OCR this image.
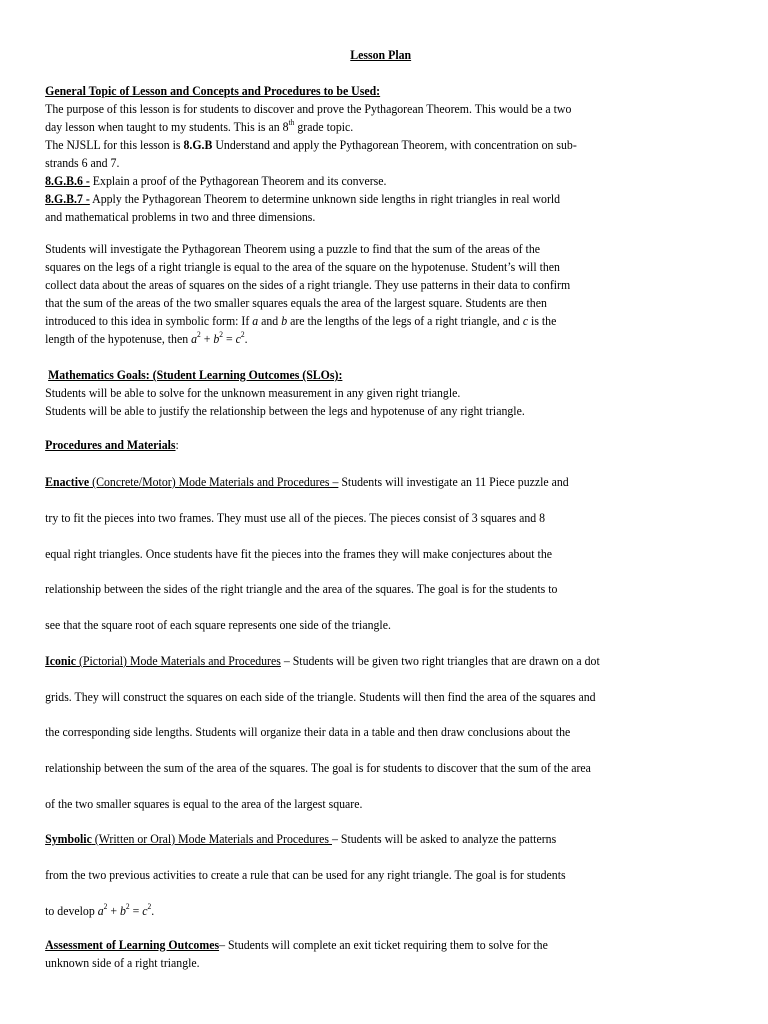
Lesson Plan
General Topic of Lesson and Concepts and Procedures to be Used:
The purpose of this lesson is for students to discover and prove the Pythagorean Theorem. This would be a two
day lesson when taught to my students. This is an 8th grade topic.
The NJSLL for this lesson is 8.G.B Understand and apply the Pythagorean Theorem, with concentration on sub-
strands 6 and 7.
8.G.B.6 - Explain a proof of the Pythagorean Theorem and its converse.
8.G.B.7 - Apply the Pythagorean Theorem to determine unknown side lengths in right triangles in real world
and mathematical problems in two and three dimensions.
Students will investigate the Pythagorean Theorem using a puzzle to find that the sum of the areas of the
squares on the legs of a right triangle is equal to the area of the square on the hypotenuse. Student’s will then
collect data about the areas of squares on the sides of a right triangle. They use patterns in their data to confirm
that the sum of the areas of the two smaller squares equals the area of the largest square. Students are then
introduced to this idea in symbolic form: If a and b are the lengths of the legs of a right triangle, and c is the
length of the hypotenuse, then $a^2 + b^2 = c^2$.
Mathematics Goals: (Student Learning Outcomes (SLOs):
Students will be able to solve for the unknown measurement in any given right triangle.
Students will be able to justify the relationship between the legs and hypotenuse of any right triangle.
Procedures and Materials:
Enactive (Concrete/Motor) Mode Materials and Procedures – Students will investigate an 11 Piece puzzle and
try to fit the pieces into two frames. They must use all of the pieces. The pieces consist of 3 squares and 8
equal right triangles. Once students have fit the pieces into the frames they will make conjectures about the
relationship between the sides of the right triangle and the area of the squares. The goal is for the students to
see that the square root of each square represents one side of the triangle.
Iconic (Pictorial) Mode Materials and Procedures – Students will be given two right triangles that are drawn on a dot
grids. They will construct the squares on each side of the triangle. Students will then find the area of the squares and
the corresponding side lengths. Students will organize their data in a table and then draw conclusions about the
relationship between the sum of the area of the squares. The goal is for students to discover that the sum of the area
of the two smaller squares is equal to the area of the largest square.
Symbolic (Written or Oral) Mode Materials and Procedures – Students will be asked to analyze the patterns
from the two previous activities to create a rule that can be used for any right triangle. The goal is for students
to develop $a^2 + b^2 = c^2$.
Assessment of Learning Outcomes– Students will complete an exit ticket requiring them to solve for the
unknown side of a right triangle.
